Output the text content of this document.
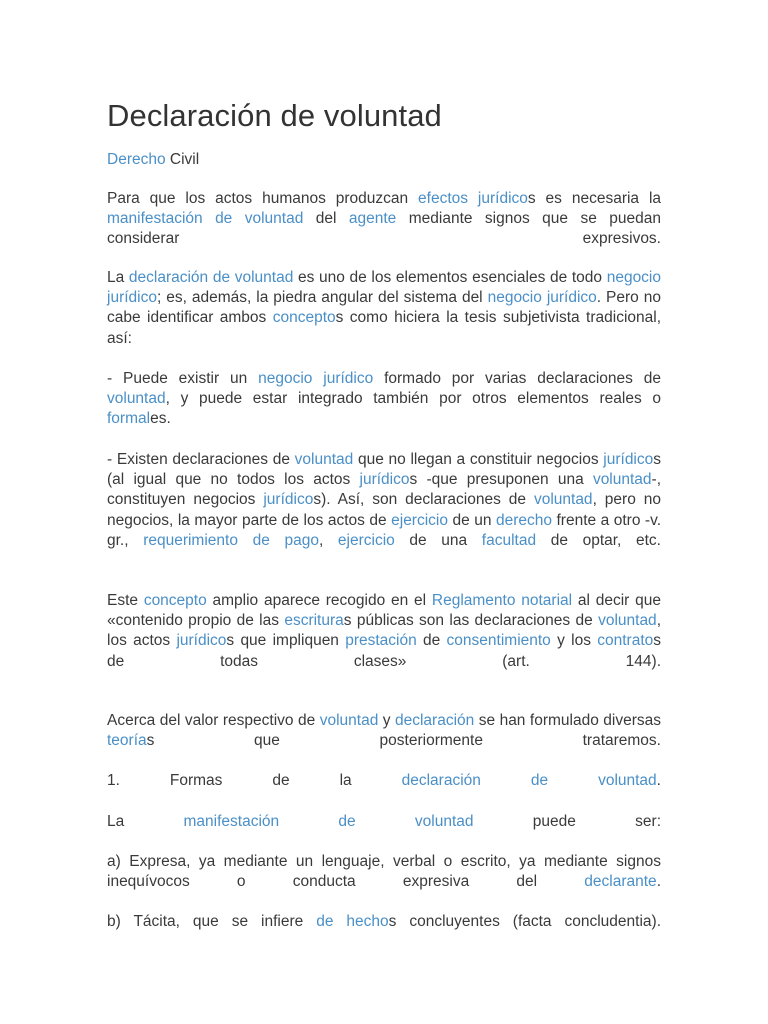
Declaración de voluntad

Derecho Civil

Para que los actos humanos produzcan efectos jurídicos es necesaria la manifestación de voluntad del agente mediante signos que se puedan considerar expresivos.

La declaración de voluntad es uno de los elementos esenciales de todo negocio jurídico; es, además, la piedra angular del sistema del negocio jurídico. Pero no cabe identificar ambos conceptos como hiciera la tesis subjetivista tradicional, así:

- Puede existir un negocio jurídico formado por varias declaraciones de voluntad, y puede estar integrado también por otros elementos reales o formales.

- Existen declaraciones de voluntad que no llegan a constituir negocios jurídicos (al igual que no todos los actos jurídicos -que presuponen una voluntad-, constituyen negocios jurídicos). Así, son declaraciones de voluntad, pero no negocios, la mayor parte de los actos de ejercicio de un derecho frente a otro -v. gr., requerimiento de pago, ejercicio de una facultad de optar, etc.

Este concepto amplio aparece recogido en el Reglamento notarial al decir que «contenido propio de las escrituras públicas son las declaraciones de voluntad, los actos jurídicos que impliquen prestación de consentimiento y los contratos de todas clases» (art. 144).

Acerca del valor respectivo de voluntad y declaración se han formulado diversas teorías que posteriormente trataremos.

1. Formas de la declaración de voluntad.

La manifestación de voluntad puede ser:

a) Expresa, ya mediante un lenguaje, verbal o escrito, ya mediante signos inequívocos o conducta expresiva del declarante.

b) Tácita, que se infiere de hechos concluyentes (facta concludentia).
